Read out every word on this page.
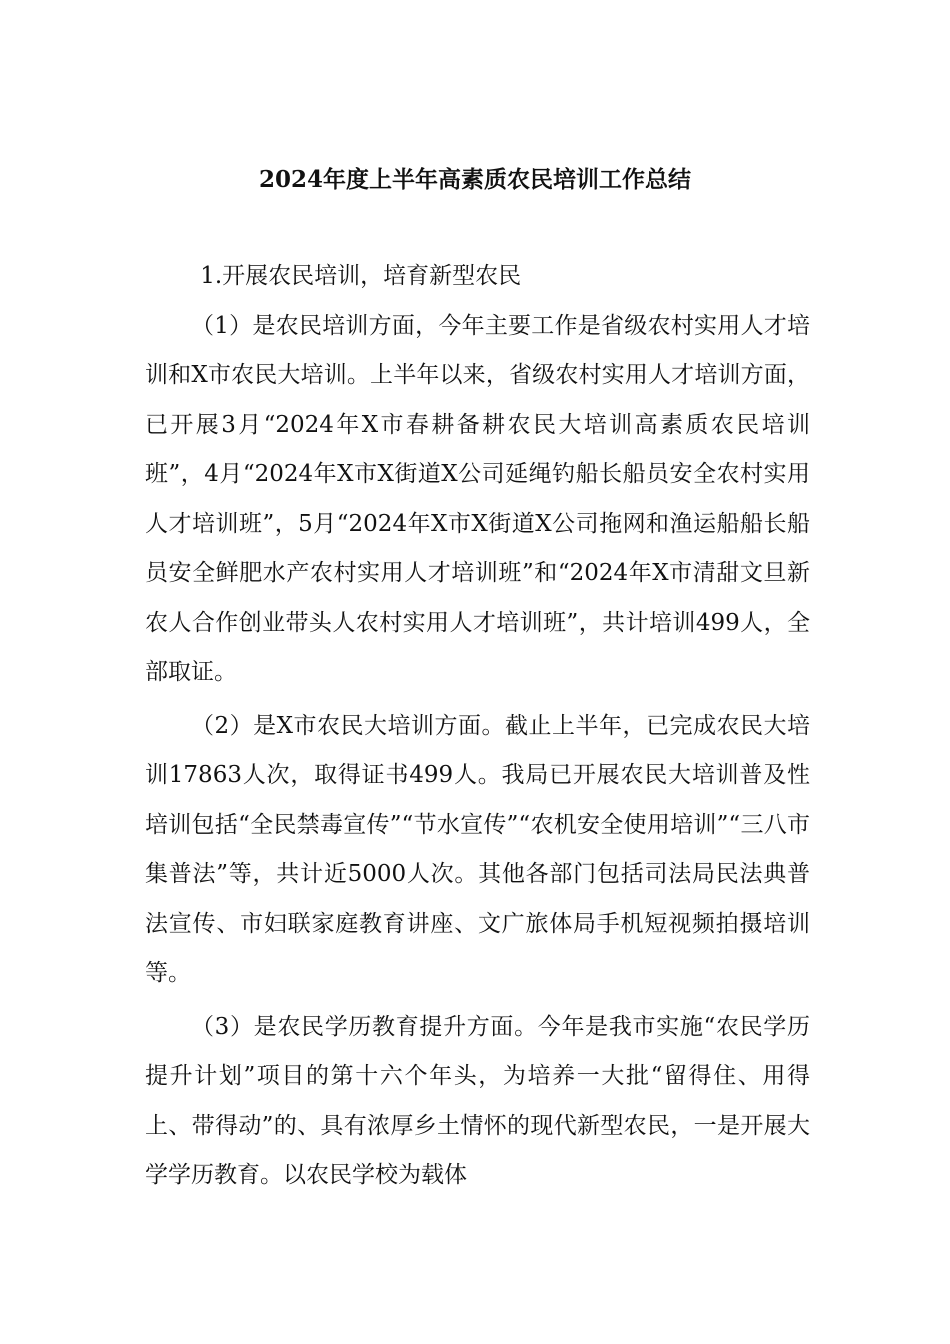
2024年度上半年高素质农民培训工作总结

1.开展农民培训，培育新型农民

（1）是农民培训方面，今年主要工作是省级农村实用人才培训和X市农民大培训。上半年以来，省级农村实用人才培训方面，已开展3月“2024年X市春耕备耕农民大培训高素质农民培训班”，4月“2024年X市X街道X公司延绳钓船长船员安全农村实用人才培训班”，5月“2024年X市X街道X公司拖网和渔运船船长船员安全鲜肥水产农村实用人才培训班”和“2024年X市清甜文旦新农人合作创业带头人农村实用人才培训班”，共计培训499人，全部取证。

（2）是X市农民大培训方面。截止上半年，已完成农民大培训17863人次，取得证书499人。我局已开展农民大培训普及性培训包括“全民禁毒宣传”“节水宣传”“农机安全使用培训”“三八市集普法”等，共计近5000人次。其他各部门包括司法局民法典普法宣传、市妇联家庭教育讲座、文广旅体局手机短视频拍摄培训等。

（3）是农民学历教育提升方面。今年是我市实施“农民学历提升计划”项目的第十六个年头，为培养一大批“留得住、用得上、带得动”的、具有浓厚乡土情怀的现代新型农民，一是开展大学学历教育。以农民学校为载体
